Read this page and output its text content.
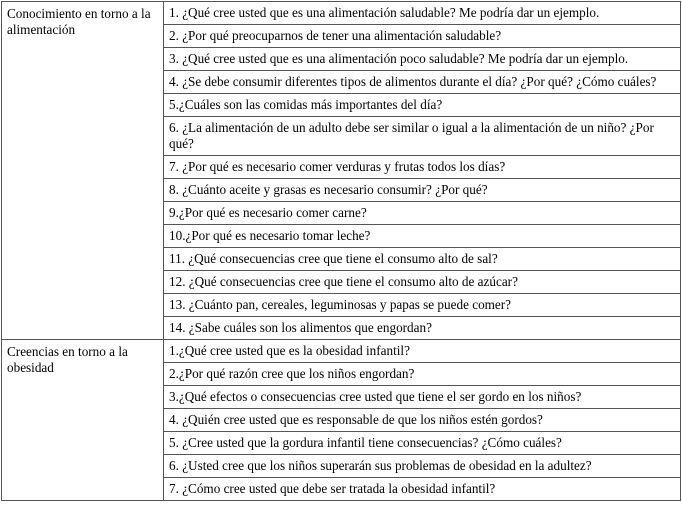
Conocimiento en torno a la alimentación	1. ¿Qué cree usted que es una alimentación saludable? Me podría dar un ejemplo.
	2. ¿Por qué preocuparnos de tener una alimentación saludable?
	3. ¿Qué cree usted que es una alimentación poco saludable? Me podría dar un ejemplo.
	4. ¿Se debe consumir diferentes tipos de alimentos durante el día? ¿Por qué? ¿Cómo cuáles?
	5.¿Cuáles son las comidas más importantes del día?
	6. ¿La alimentación de un adulto debe ser similar o igual a la alimentación de un niño? ¿Por qué?
	7. ¿Por qué es necesario comer verduras y frutas todos los días?
	8. ¿Cuánto aceite y grasas es necesario consumir? ¿Por qué?
	9.¿Por qué es necesario comer carne?
	10.¿Por qué es necesario tomar leche?
	11. ¿Qué consecuencias cree que tiene el consumo alto de sal?
	12. ¿Qué consecuencias cree que tiene el consumo alto de azúcar?
	13. ¿Cuánto pan, cereales, leguminosas y papas se puede comer?
	14. ¿Sabe cuáles son los alimentos que engordan?
Creencias en torno a la obesidad	1.¿Qué cree usted que es la obesidad infantil?
	2.¿Por qué razón cree que los niños engordan?
	3.¿Qué efectos o consecuencias cree usted que tiene el ser gordo en los niños?
	4. ¿Quién cree usted que es responsable de que los niños estén gordos?
	5. ¿Cree usted que la gordura infantil tiene consecuencias? ¿Cómo cuáles?
	6. ¿Usted cree que los niños superarán sus problemas de obesidad en la adultez?
	7. ¿Cómo cree usted que debe ser tratada la obesidad infantil?
